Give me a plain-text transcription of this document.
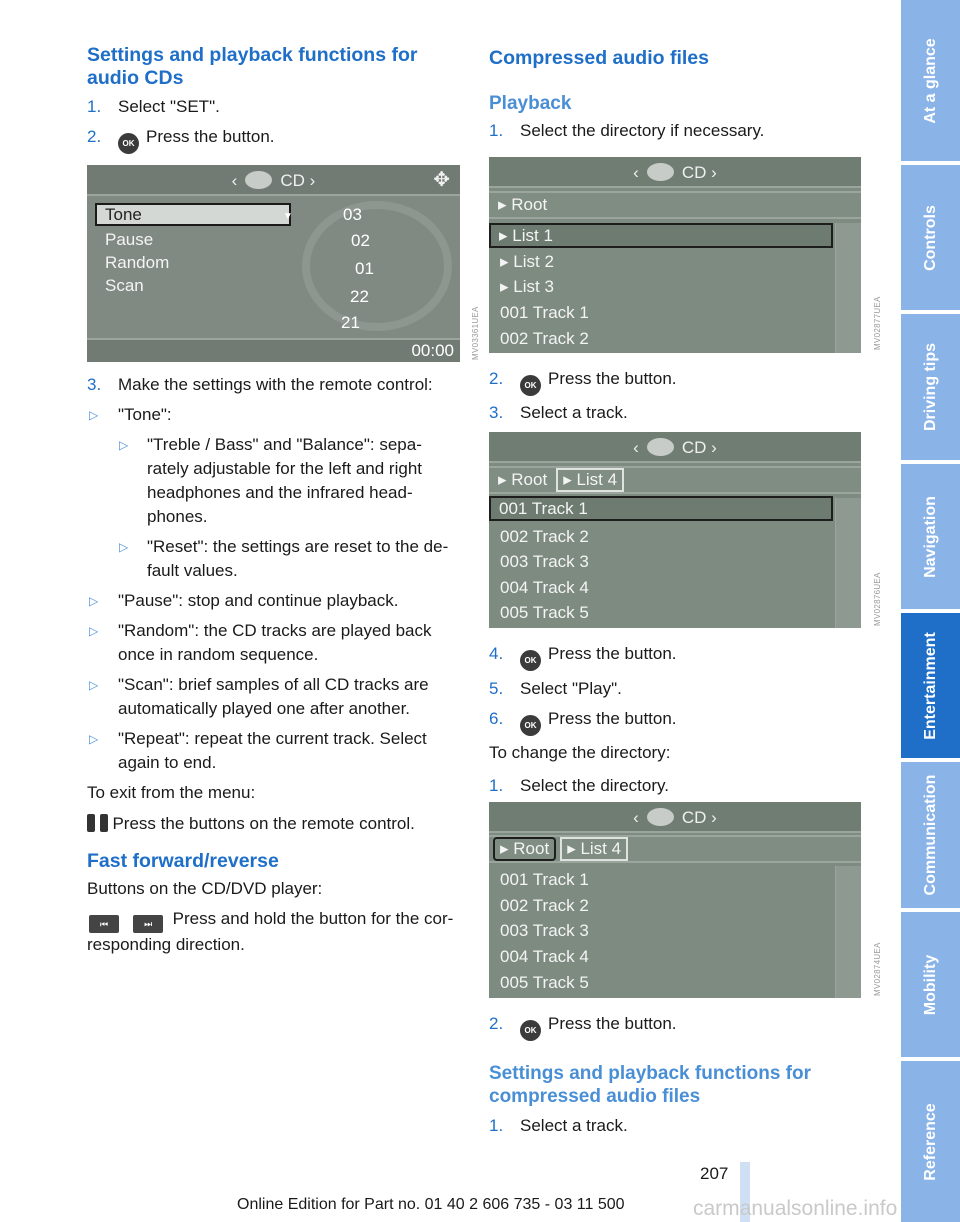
Settings and playback functions for audio CDs
1. Select "SET".
2.	OK Press the button.
‹	CD ›	✥
Tone
Pause
Random
Scan
▼	03
02
01
22
21
00:00	MV03361UEA
3. Make the settings with the remote control:
▷ "Tone":
▷ "Treble / Bass" and "Balance": sepa-rately adjustable for the left and right headphones and the infrared head-phones.
▷ "Reset": the settings are reset to the de-fault values.
▷ "Pause": stop and continue playback.
▷ "Random": the CD tracks are played back once in random sequence.
▷ "Scan": brief samples of all CD tracks are automatically played one after another.
▷ "Repeat": repeat the current track. Select again to end.
To exit from the menu:
Press the buttons on the remote control.
Fast forward/reverse
Buttons on the CD/DVD player:
⏮	⏭ Press and hold the button for the cor-responding direction.
Compressed audio files
Playback
1. Select the directory if necessary.
‹	CD ›
▸ Root
▸ List 1
▸ List 2
▸ List 3
001 Track 1
002 Track 2	MV02877UEA
2.	OK Press the button.
3. Select a track.
‹	CD ›
▸ Root ▸ List 4
001 Track 1
002 Track 2
003 Track 3
004 Track 4
005 Track 5	MV02876UEA
4.	OK Press the button.
5. Select "Play".
6.	OK Press the button.
To change the directory:
1. Select the directory.
‹	CD ›
▸ Root ▸ List 4
001 Track 1
002 Track 2
003 Track 3
004 Track 4
005 Track 5	MV02874UEA
2.	OK Press the button.
Settings and playback functions for compressed audio files
1. Select a track.
At a glance
Controls
Driving tips
Navigation
Entertainment
Communication
Mobility
Reference
207
Online Edition for Part no. 01 40 2 606 735 - 03 11 500	carmanualsonline.info
